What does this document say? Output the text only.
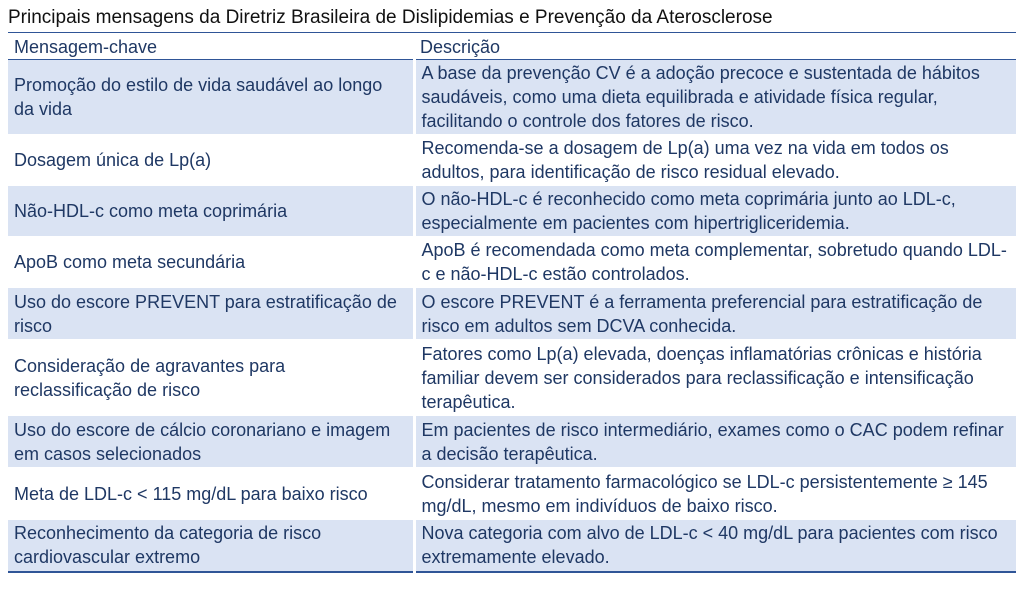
Principais mensagens da Diretriz Brasileira de Dislipidemias e Prevenção da Aterosclerose
Mensagem-chave	Descrição
Promoção do estilo de vida saudável ao longo da vida	A base da prevenção CV é a adoção precoce e sustentada de hábitos saudáveis, como uma dieta equilibrada e atividade física regular, facilitando o controle dos fatores de risco.
Dosagem única de Lp(a)	Recomenda-se a dosagem de Lp(a) uma vez na vida em todos os adultos, para identificação de risco residual elevado.
Não-HDL-c como meta coprimária	O não-HDL-c é reconhecido como meta coprimária junto ao LDL-c, especialmente em pacientes com hipertrigliceridemia.
ApoB como meta secundária	ApoB é recomendada como meta complementar, sobretudo quando LDL-c e não-HDL-c estão controlados.
Uso do escore PREVENT para estratificação de risco	O escore PREVENT é a ferramenta preferencial para estratificação de risco em adultos sem DCVA conhecida.
Consideração de agravantes para reclassificação de risco	Fatores como Lp(a) elevada, doenças inflamatórias crônicas e história familiar devem ser considerados para reclassificação e intensificação terapêutica.
Uso do escore de cálcio coronariano e imagem em casos selecionados	Em pacientes de risco intermediário, exames como o CAC podem refinar a decisão terapêutica.
Meta de LDL-c < 115 mg/dL para baixo risco	Considerar tratamento farmacológico se LDL-c persistentemente ≥ 145 mg/dL, mesmo em indivíduos de baixo risco.
Reconhecimento da categoria de risco cardiovascular extremo	Nova categoria com alvo de LDL-c < 40 mg/dL para pacientes com risco extremamente elevado.
